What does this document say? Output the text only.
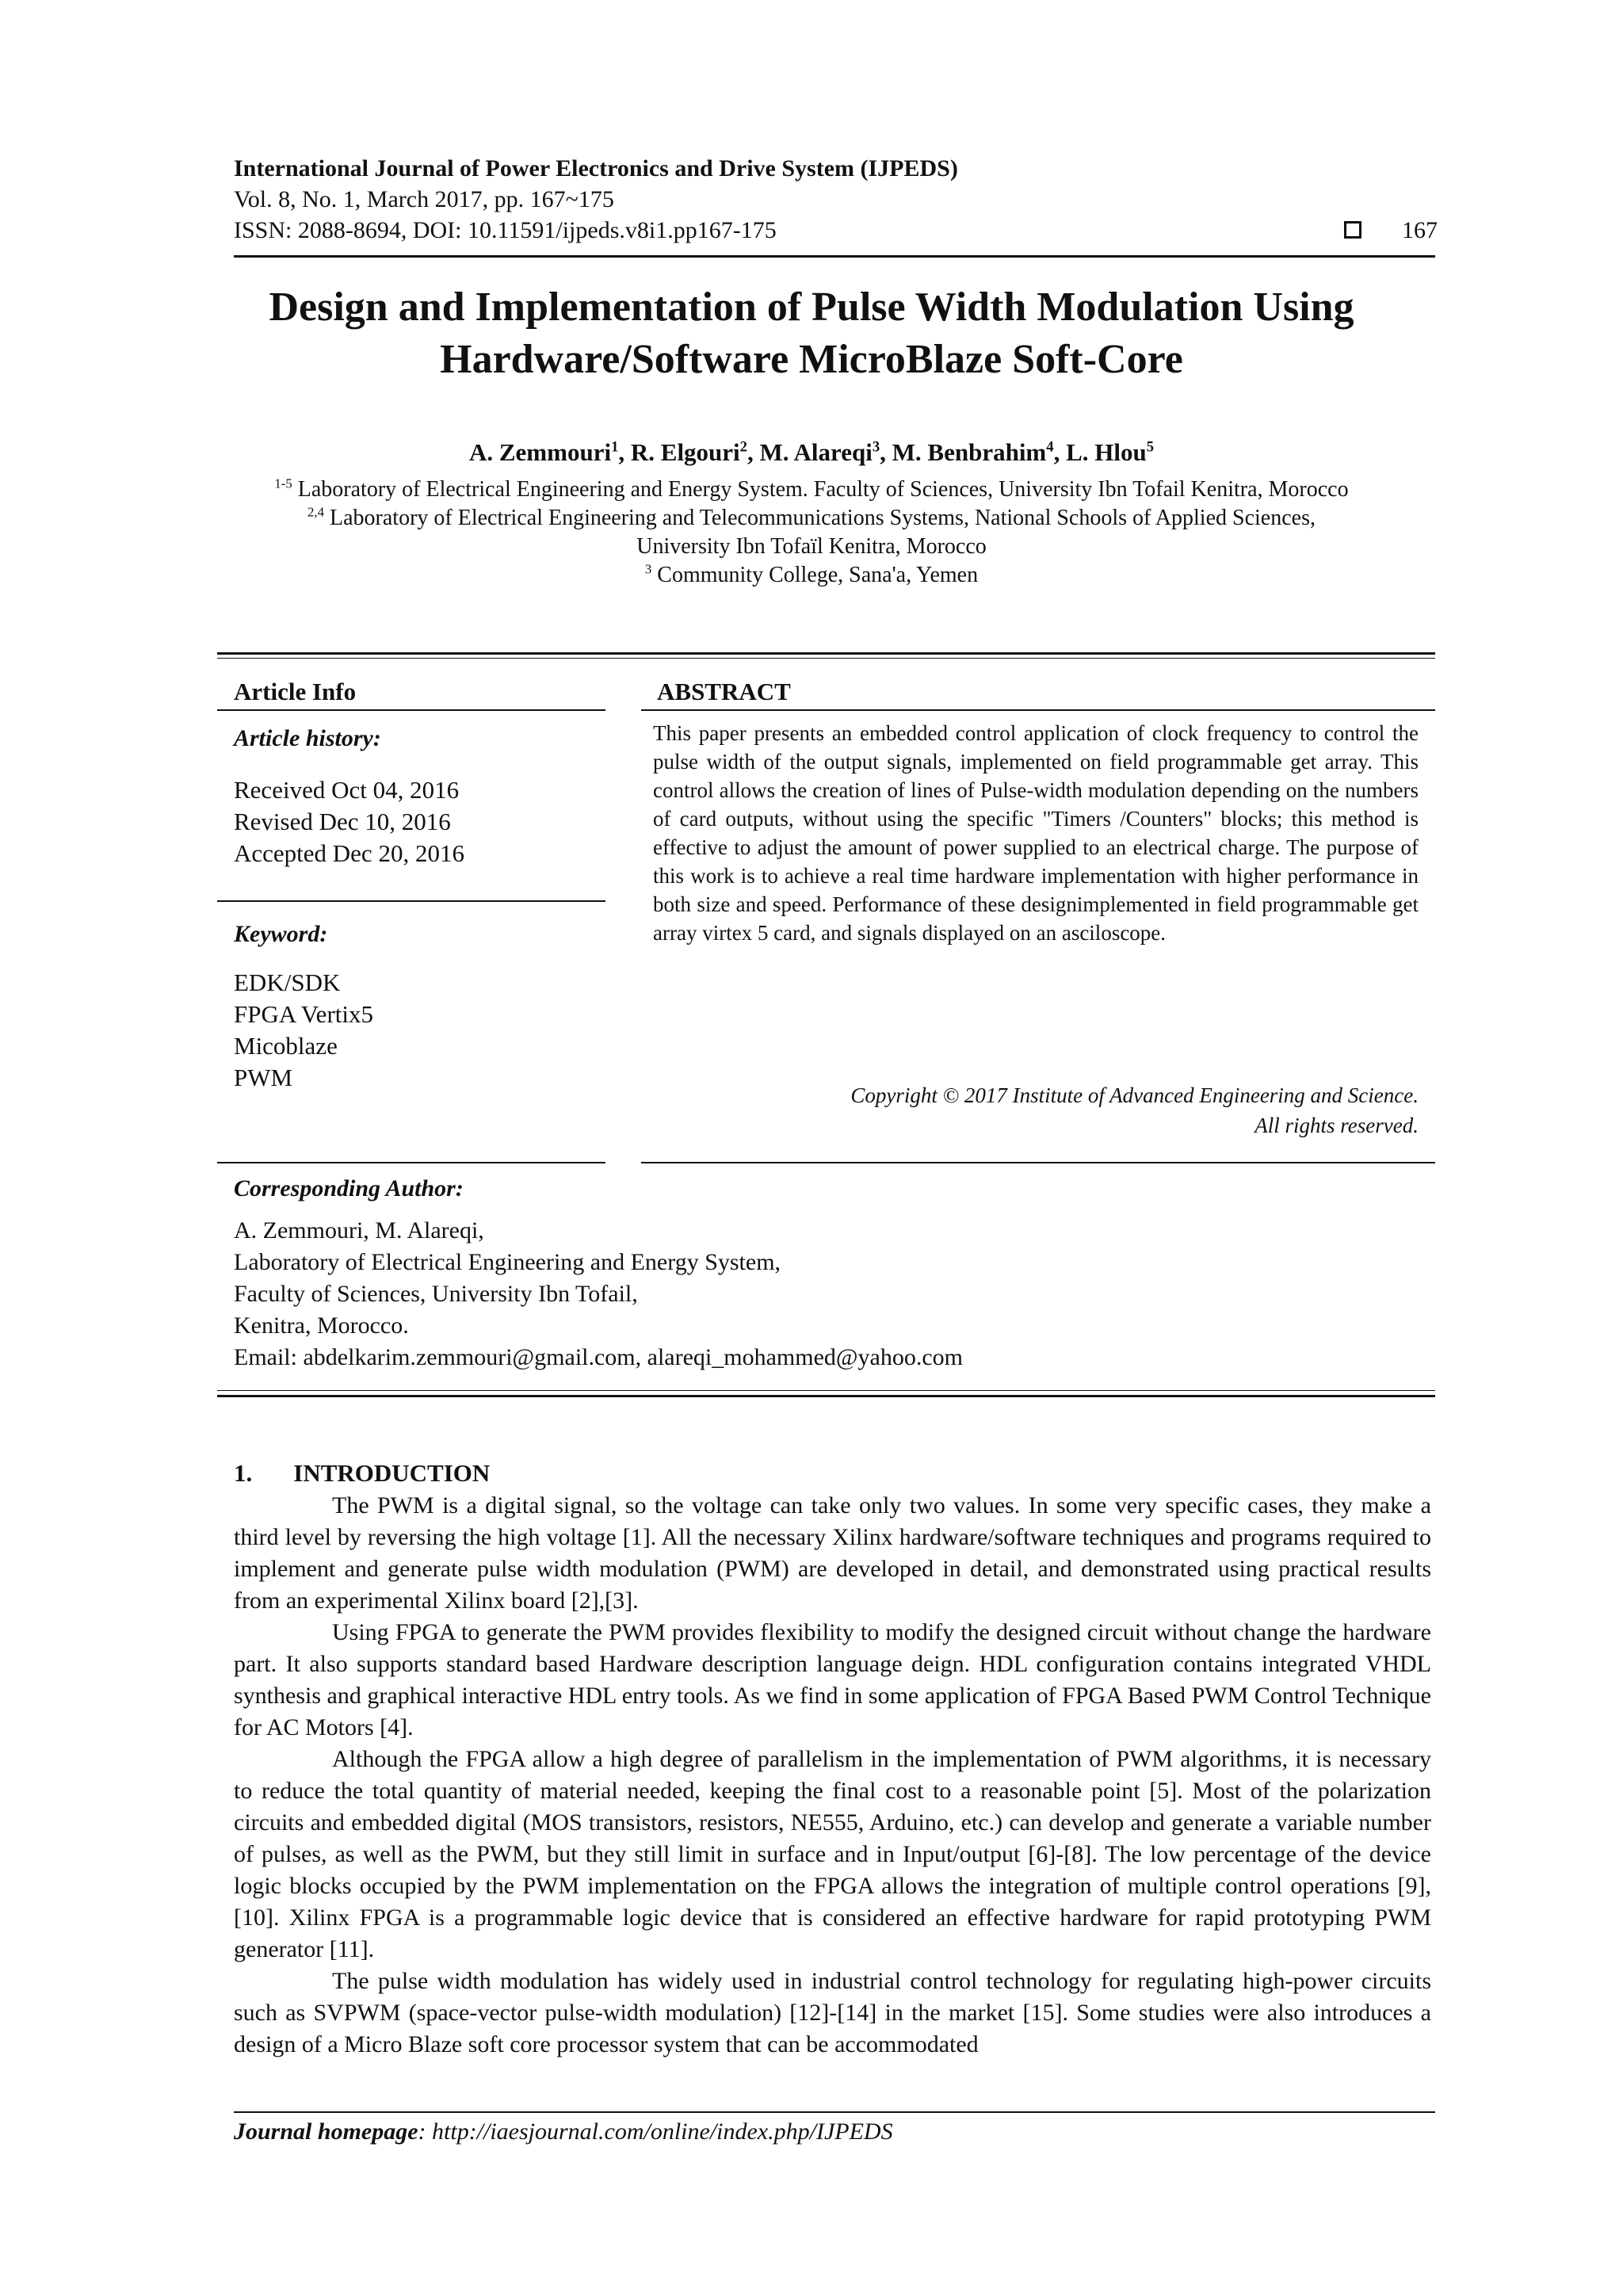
International Journal of Power Electronics and Drive System (IJPEDS)
Vol. 8, No. 1, March 2017, pp. 167~175
ISSN: 2088-8694, DOI: 10.11591/ijpeds.v8i1.pp167-175	167
Design and Implementation of Pulse Width Modulation Using
Hardware/Software MicroBlaze Soft-Core
A. Zemmouri$^1$, R. Elgouri$^2$, M. Alareqi$^3$, M. Benbrahim$^4$, L. Hlou$^5$
$^{1-5}$ Laboratory of Electrical Engineering and Energy System. Faculty of Sciences, University Ibn Tofail Kenitra, Morocco
$^{2,4}$ Laboratory of Electrical Engineering and Telecommunications Systems, National Schools of Applied Sciences,
University Ibn Tofaïl Kenitra, Morocco
$^3$ Community College, Sana'a, Yemen
Article Info
Article history:
Received Oct 04, 2016
Revised Dec 10, 2016
Accepted Dec 20, 2016
Keyword:
EDK/SDK
FPGA Vertix5
Micoblaze
PWM
ABSTRACT
This paper presents an embedded control application of clock frequency to control the pulse width of the output signals, implemented on field programmable get array. This control allows the creation of lines of Pulse-width modulation depending on the numbers of card outputs, without using the specific "Timers /Counters" blocks; this method is effective to adjust the amount of power supplied to an electrical charge. The purpose of this work is to achieve a real time hardware implementation with higher performance in both size and speed. Performance of these designimplemented in field programmable get array virtex 5 card, and signals displayed on an asciloscope.
Copyright © 2017 Institute of Advanced Engineering and Science.
All rights reserved.
Corresponding Author:
A. Zemmouri, M. Alareqi,
Laboratory of Electrical Engineering and Energy System,
Faculty of Sciences, University Ibn Tofail,
Kenitra, Morocco.
Email: abdelkarim.zemmouri@gmail.com, alareqi_mohammed@yahoo.com
1. INTRODUCTION

The PWM is a digital signal, so the voltage can take only two values. In some very specific cases, they make a third level by reversing the high voltage [1]. All the necessary Xilinx hardware/software techniques and programs required to implement and generate pulse width modulation (PWM) are developed in detail, and demonstrated using practical results from an experimental Xilinx board [2],[3].

Using FPGA to generate the PWM provides flexibility to modify the designed circuit without change the hardware part. It also supports standard based Hardware description language deign. HDL configuration contains integrated VHDL synthesis and graphical interactive HDL entry tools. As we find in some application of FPGA Based PWM Control Technique for AC Motors [4].

Although the FPGA allow a high degree of parallelism in the implementation of PWM algorithms, it is necessary to reduce the total quantity of material needed, keeping the final cost to a reasonable point [5]. Most of the polarization circuits and embedded digital (MOS transistors, resistors, NE555, Arduino, etc.) can develop and generate a variable number of pulses, as well as the PWM, but they still limit in surface and in Input/output [6]-[8]. The low percentage of the device logic blocks occupied by the PWM implementation on the FPGA allows the integration of multiple control operations [9],[10]. Xilinx FPGA is a programmable logic device that is considered an effective hardware for rapid prototyping PWM generator [11].

The pulse width modulation has widely used in industrial control technology for regulating high-power circuits such as SVPWM (space-vector pulse-width modulation) [12]-[14] in the market [15]. Some studies were also introduces a design of a Micro Blaze soft core processor system that can be accommodated

Journal homepage: http://iaesjournal.com/online/index.php/IJPEDS
